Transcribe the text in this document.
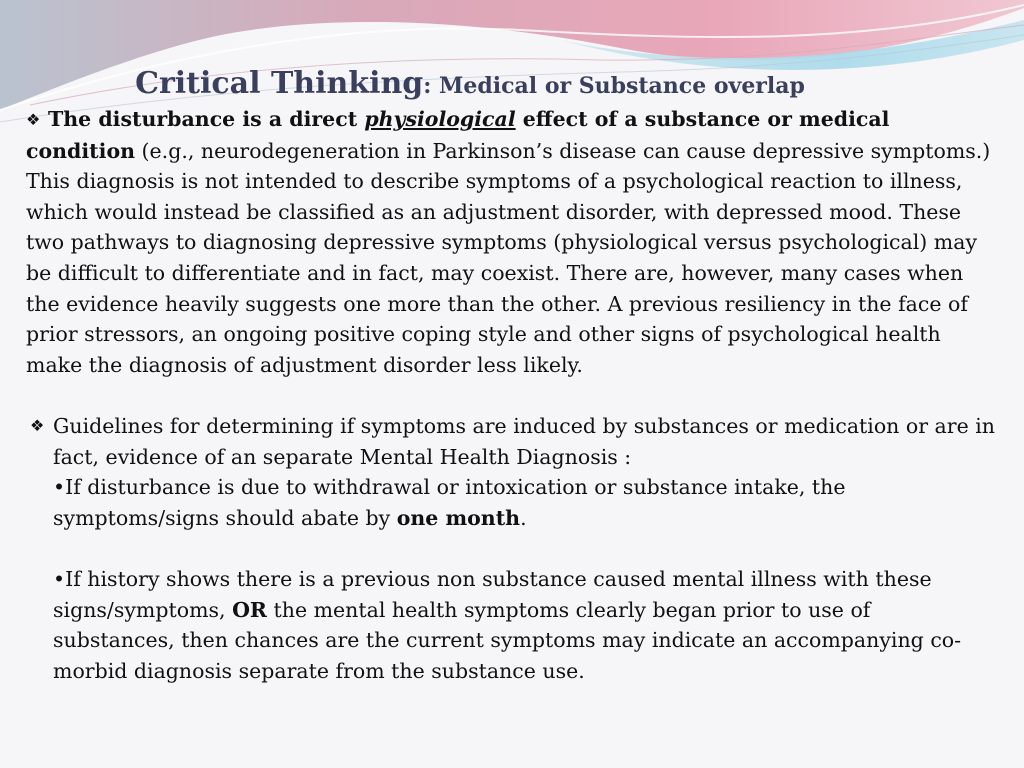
Critical Thinking: Medical or Substance overlap

❖ The disturbance is a direct physiological effect of a substance or medical condition (e.g., neurodegeneration in Parkinson’s disease can cause depressive symptoms.) This diagnosis is not intended to describe symptoms of a psychological reaction to illness, which would instead be classified as an adjustment disorder, with depressed mood. These two pathways to diagnosing depressive symptoms (physiological versus psychological) may be difficult to differentiate and in fact, may coexist. There are, however, many cases when the evidence heavily suggests one more than the other. A previous resiliency in the face of prior stressors, an ongoing positive coping style and other signs of psychological health make the diagnosis of adjustment disorder less likely.

❖ Guidelines for determining if symptoms are induced by substances or medication or are in fact, evidence of an separate Mental Health Diagnosis :

•If disturbance is due to withdrawal or intoxication or substance intake, the symptoms/signs should abate by one month.

•If history shows there is a previous non substance caused mental illness with these signs/symptoms, OR the mental health symptoms clearly began prior to use of substances, then chances are the current symptoms may indicate an accompanying co-morbid diagnosis separate from the substance use.
